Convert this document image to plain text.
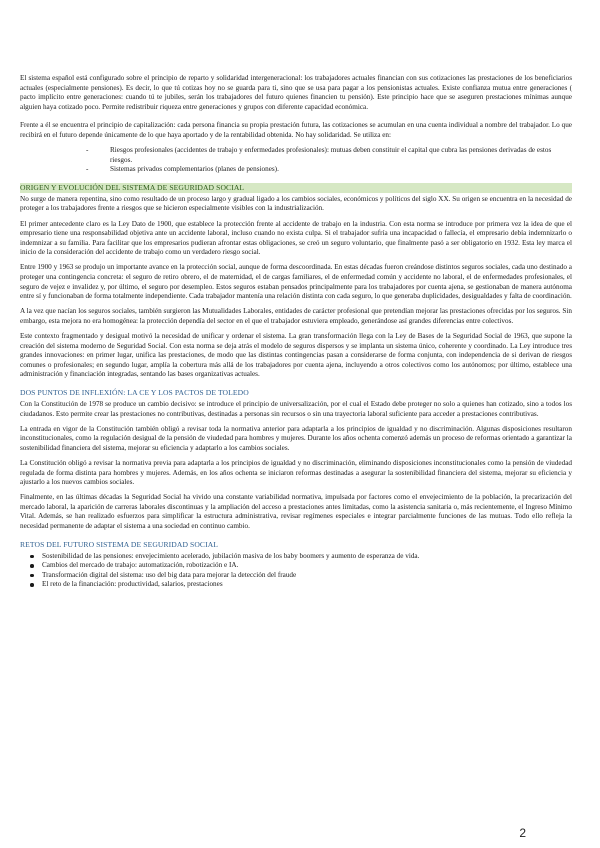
El sistema español está configurado sobre el principio de reparto y solidaridad intergeneracional: los trabajadores actuales financian con sus cotizaciones las prestaciones de los beneficiarios actuales (especialmente pensiones). Es decir, lo que tú cotizas hoy no se guarda para ti, sino que se usa para pagar a los pensionistas actuales. Existe confianza mutua entre generaciones ( pacto implícito entre generaciones: cuando tú te jubiles, serán los trabajadores del futuro quienes financien tu pensión). Este principio hace que se aseguren prestaciones mínimas aunque alguien haya cotizado poco. Permite redistribuir riqueza entre generaciones y grupos con diferente capacidad económica.

Frente a él se encuentra el principio de capitalización: cada persona financia su propia prestación futura, las cotizaciones se acumulan en una cuenta individual a nombre del trabajador. Lo que recibirá en el futuro depende únicamente de lo que haya aportado y de la rentabilidad obtenida. No hay solidaridad. Se utiliza en:

- Riesgos profesionales (accidentes de trabajo y enfermedades profesionales): mutuas deben constituir el capital que cubra las pensiones derivadas de estos riesgos.
- Sistemas privados complementarios (planes de pensiones).
ORIGEN Y EVOLUCIÓN DEL SISTEMA DE SEGURIDAD SOCIAL

No surge de manera repentina, sino como resultado de un proceso largo y gradual ligado a los cambios sociales, económicos y políticos del siglo XX. Su origen se encuentra en la necesidad de proteger a los trabajadores frente a riesgos que se hicieron especialmente visibles con la industrialización.

El primer antecedente claro es la Ley Dato de 1900, que establece la protección frente al accidente de trabajo en la industria. Con esta norma se introduce por primera vez la idea de que el empresario tiene una responsabilidad objetiva ante un accidente laboral, incluso cuando no exista culpa. Si el trabajador sufría una incapacidad o fallecía, el empresario debía indemnizarlo o indemnizar a su familia. Para facilitar que los empresarios pudieran afrontar estas obligaciones, se creó un seguro voluntario, que finalmente pasó a ser obligatorio en 1932. Esta ley marca el inicio de la consideración del accidente de trabajo como un verdadero riesgo social.

Entre 1900 y 1963 se produjo un importante avance en la protección social, aunque de forma descoordinada. En estas décadas fueron creándose distintos seguros sociales, cada uno destinado a proteger una contingencia concreta: el seguro de retiro obrero, el de maternidad, el de cargas familiares, el de enfermedad común y accidente no laboral, el de enfermedades profesionales, el seguro de vejez e invalidez y, por último, el seguro por desempleo. Estos seguros estaban pensados principalmente para los trabajadores por cuenta ajena, se gestionaban de manera autónoma entre sí y funcionaban de forma totalmente independiente. Cada trabajador mantenía una relación distinta con cada seguro, lo que generaba duplicidades, desigualdades y falta de coordinación.

A la vez que nacían los seguros sociales, también surgieron las Mutualidades Laborales, entidades de carácter profesional que pretendían mejorar las prestaciones ofrecidas por los seguros. Sin embargo, esta mejora no era homogénea: la protección dependía del sector en el que el trabajador estuviera empleado, generándose así grandes diferencias entre colectivos.

Este contexto fragmentado y desigual motivó la necesidad de unificar y ordenar el sistema. La gran transformación llega con la Ley de Bases de la Seguridad Social de 1963, que supone la creación del sistema moderno de Seguridad Social. Con esta norma se deja atrás el modelo de seguros dispersos y se implanta un sistema único, coherente y coordinado. La Ley introduce tres grandes innovaciones: en primer lugar, unifica las prestaciones, de modo que las distintas contingencias pasan a considerarse de forma conjunta, con independencia de si derivan de riesgos comunes o profesionales; en segundo lugar, amplía la cobertura más allá de los trabajadores por cuenta ajena, incluyendo a otros colectivos como los autónomos; por último, establece una administración y financiación integradas, sentando las bases organizativas actuales.

DOS PUNTOS DE INFLEXIÓN: LA CE Y LOS PACTOS DE TOLEDO

Con la Constitución de 1978 se produce un cambio decisivo: se introduce el principio de universalización, por el cual el Estado debe proteger no solo a quienes han cotizado, sino a todos los ciudadanos. Esto permite crear las prestaciones no contributivas, destinadas a personas sin recursos o sin una trayectoria laboral suficiente para acceder a prestaciones contributivas.

La entrada en vigor de la Constitución también obligó a revisar toda la normativa anterior para adaptarla a los principios de igualdad y no discriminación. Algunas disposiciones resultaron inconstitucionales, como la regulación desigual de la pensión de viudedad para hombres y mujeres. Durante los años ochenta comenzó además un proceso de reformas orientado a garantizar la sostenibilidad financiera del sistema, mejorar su eficiencia y adaptarlo a los cambios sociales.

La Constitución obligó a revisar la normativa previa para adaptarla a los principios de igualdad y no discriminación, eliminando disposiciones inconstitucionales como la pensión de viudedad regulada de forma distinta para hombres y mujeres. Además, en los años ochenta se iniciaron reformas destinadas a asegurar la sostenibilidad financiera del sistema, mejorar su eficiencia y ajustarlo a los nuevos cambios sociales.

Finalmente, en las últimas décadas la Seguridad Social ha vivido una constante variabilidad normativa, impulsada por factores como el envejecimiento de la población, la precarización del mercado laboral, la aparición de carreras laborales discontinuas y la ampliación del acceso a prestaciones antes limitadas, como la asistencia sanitaria o, más recientemente, el Ingreso Mínimo Vital. Además, se han realizado esfuerzos para simplificar la estructura administrativa, revisar regímenes especiales e integrar parcialmente funciones de las mutuas. Todo ello refleja la necesidad permanente de adaptar el sistema a una sociedad en continuo cambio.

RETOS DEL FUTURO SISTEMA DE SEGURIDAD SOCIAL
Sostenibilidad de las pensiones: envejecimiento acelerado, jubilación masiva de los baby boomers y aumento de esperanza de vida.
Cambios del mercado de trabajo: automatización, robotización e IA.
Transformación digital del sistema: uso del big data para mejorar la detección del fraude
El reto de la financiación: productividad, salarios, prestaciones
2
